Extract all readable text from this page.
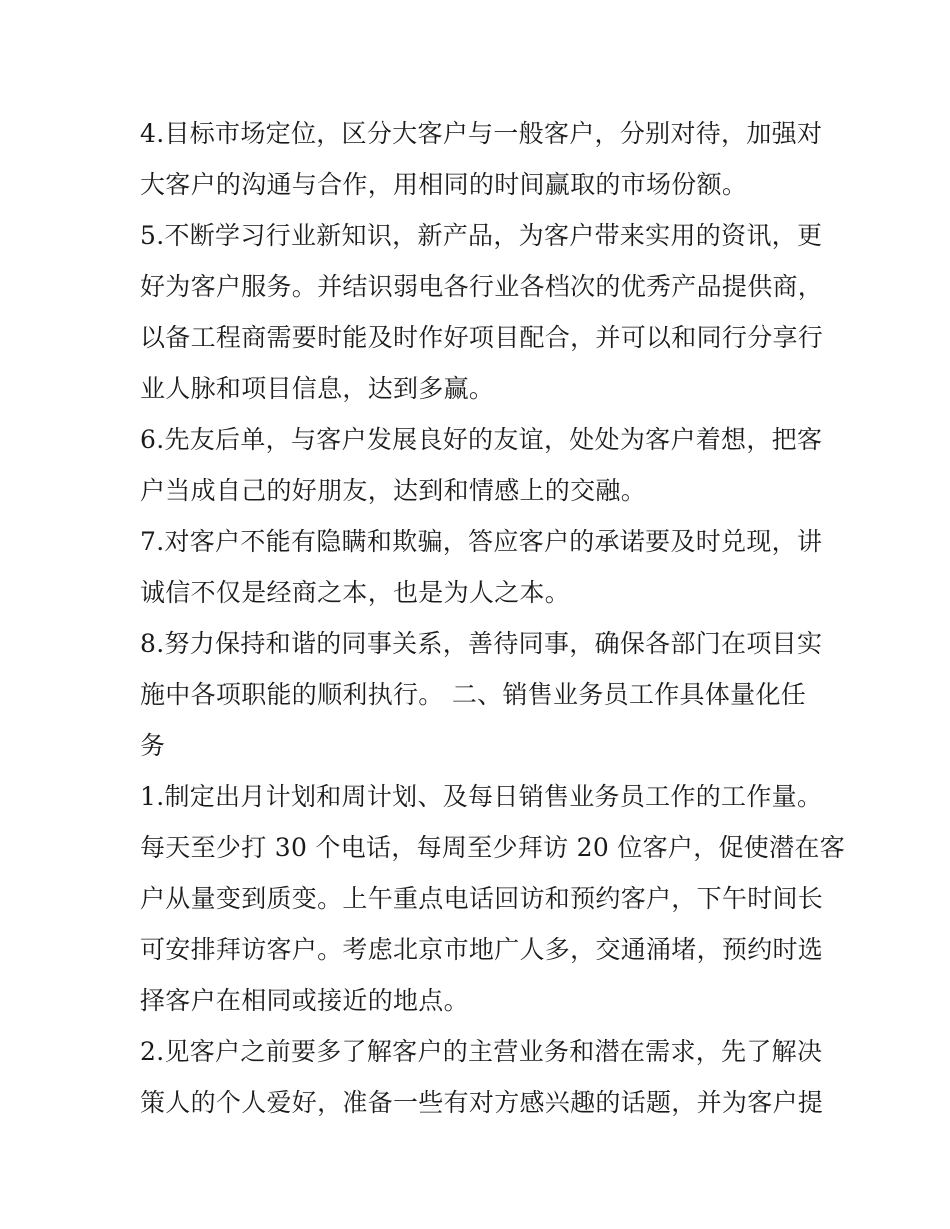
4.目标市场定位，区分大客户与一般客户，分别对待，加强对
大客户的沟通与合作，用相同的时间赢取的市场份额。
5.不断学习行业新知识，新产品，为客户带来实用的资讯，更
好为客户服务。并结识弱电各行业各档次的优秀产品提供商，
以备工程商需要时能及时作好项目配合，并可以和同行分享行
业人脉和项目信息，达到多赢。
6.先友后单，与客户发展良好的友谊，处处为客户着想，把客
户当成自己的好朋友，达到和情感上的交融。
7.对客户不能有隐瞒和欺骗，答应客户的承诺要及时兑现，讲
诚信不仅是经商之本，也是为人之本。
8.努力保持和谐的同事关系，善待同事，确保各部门在项目实
施中各项职能的顺利执行。 二、销售业务员工作具体量化任
务
1.制定出月计划和周计划、及每日销售业务员工作的工作量。
每天至少打 30 个电话，每周至少拜访 20 位客户，促使潜在客
户从量变到质变。上午重点电话回访和预约客户，下午时间长
可安排拜访客户。考虑北京市地广人多，交通涌堵，预约时选
择客户在相同或接近的地点。
2.见客户之前要多了解客户的主营业务和潜在需求，先了解决
策人的个人爱好，准备一些有对方感兴趣的话题，并为客户提
